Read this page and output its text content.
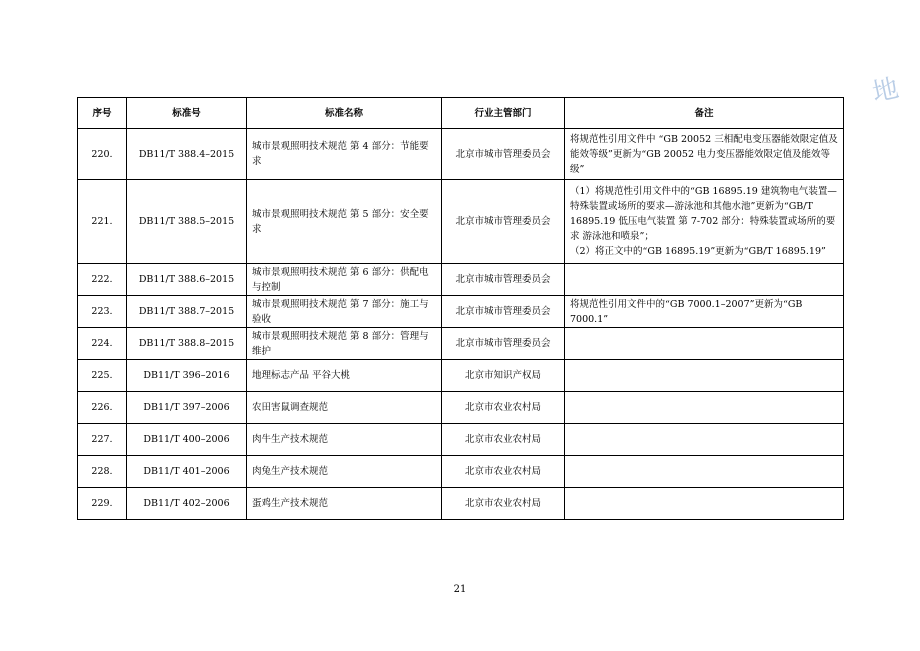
地
序号	标准号	标准名称	行业主管部门	备注
220.	DB11/T 388.4–2015	城市景观照明技术规范 第 4 部分：节能要求	北京市城市管理委员会	将规范性引用文件中 “GB 20052 三相配电变压器能效限定值及能效等级”更新为“GB 20052 电力变压器能效限定值及能效等级”
221.	DB11/T 388.5–2015	城市景观照明技术规范 第 5 部分：安全要求	北京市城市管理委员会	（1）将规范性引用文件中的“GB 16895.19 建筑物电气装置—特殊装置或场所的要求—游泳池和其他水池”更新为“GB/T 16895.19 低压电气装置 第 7-702 部分：特殊装置或场所的要求 游泳池和喷泉”；
（2）将正文中的“GB 16895.19”更新为“GB/T 16895.19”

222.	DB11/T 388.6–2015	城市景观照明技术规范 第 6 部分：供配电与控制	北京市城市管理委员会	
223.	DB11/T 388.7–2015	城市景观照明技术规范 第 7 部分：施工与验收	北京市城市管理委员会	将规范性引用文件中的“GB 7000.1–2007”更新为“GB 7000.1”
224.	DB11/T 388.8–2015	城市景观照明技术规范 第 8 部分：管理与维护	北京市城市管理委员会	
225.	DB11/T 396–2016	地理标志产品 平谷大桃	北京市知识产权局	
226.	DB11/T 397–2006	农田害鼠调查规范	北京市农业农村局	
227.	DB11/T 400–2006	肉牛生产技术规范	北京市农业农村局	
228.	DB11/T 401–2006	肉兔生产技术规范	北京市农业农村局	
229.	DB11/T 402–2006	蛋鸡生产技术规范	北京市农业农村局	
21
